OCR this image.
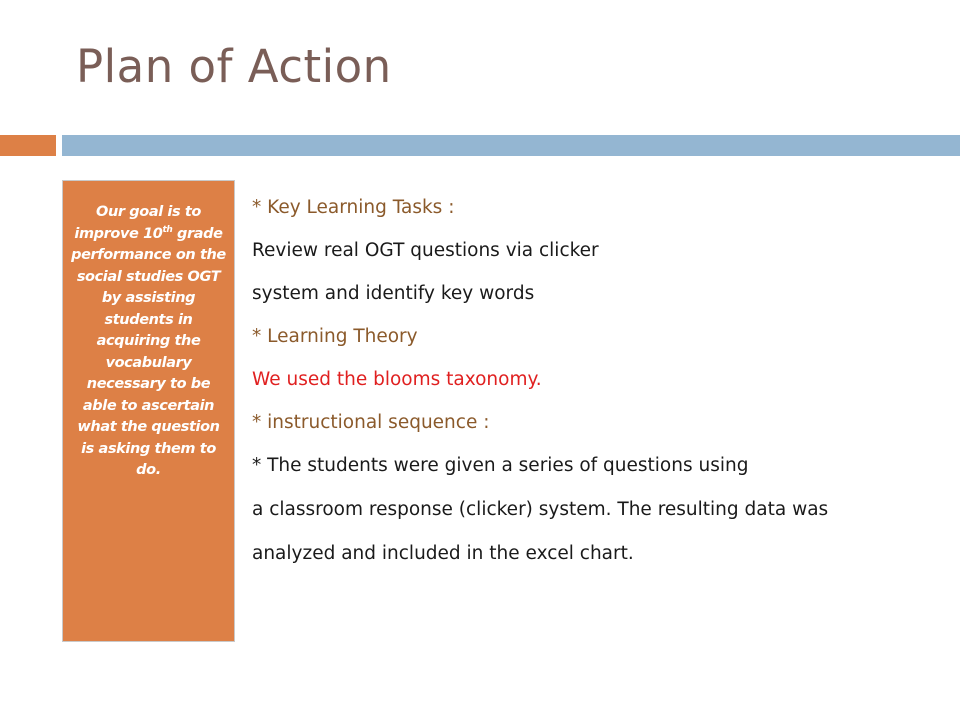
Plan of Action

Our goal is to improve 10th grade performance on the social studies OGT by assisting students in acquiring the vocabulary necessary to be able to ascertain what the question is asking them to do.

* Key Learning Tasks :
Review real OGT questions via clicker
system and identify key words
* Learning Theory
We used the blooms taxonomy.
* instructional sequence :
* The students were given a series of questions using
a classroom response (clicker) system. The resulting data was
analyzed and included in the excel chart.
